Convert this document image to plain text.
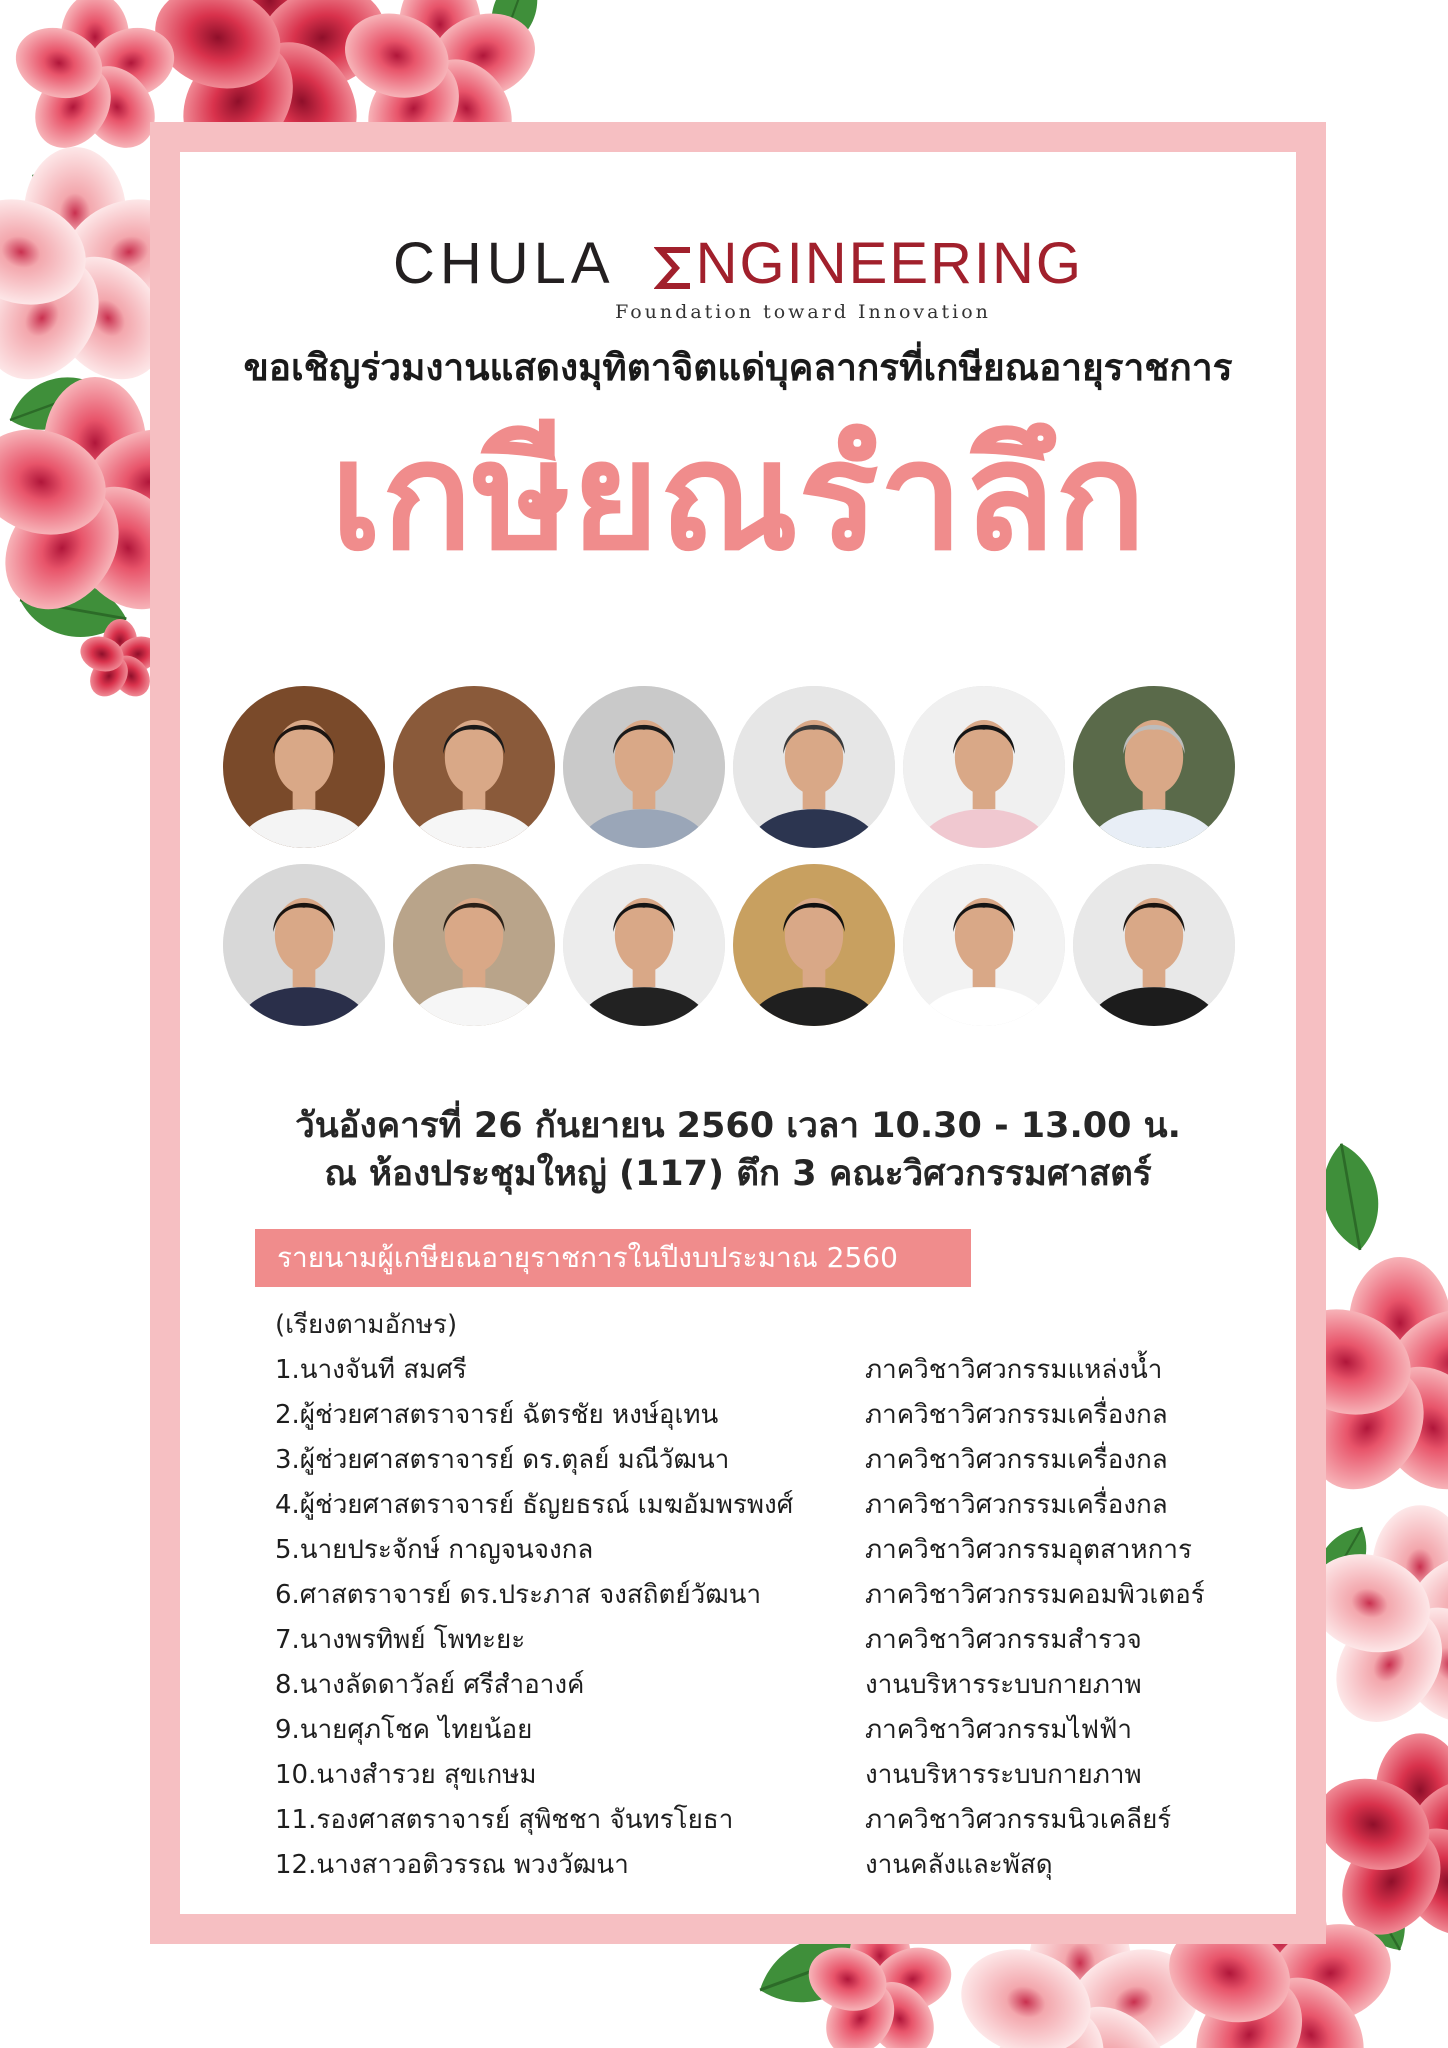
CHULA NGINEERING
Foundation toward Innovation
ขอเชิญร่วมงานแสดงมุทิตาจิตแด่บุคลากรที่เกษียณอายุราชการ
เกษียณรำลึก
วันอังคารที่ 26 กันยายน 2560 เวลา 10.30 - 13.00 น.
ณ ห้องประชุมใหญ่ (117) ตึก 3 คณะวิศวกรรมศาสตร์
รายนามผู้เกษียณอายุราชการในปีงบประมาณ 2560
(เรียงตามอักษร)
1.นางจันที สมศรี	ภาควิชาวิศวกรรมแหล่งน้ำ
2.ผู้ช่วยศาสตราจารย์ ฉัตรชัย หงษ์อุเทน	ภาควิชาวิศวกรรมเครื่องกล
3.ผู้ช่วยศาสตราจารย์ ดร.ตุลย์ มณีวัฒนา	ภาควิชาวิศวกรรมเครื่องกล
4.ผู้ช่วยศาสตราจารย์ ธัญยธรณ์ เมฆอัมพรพงศ์	ภาควิชาวิศวกรรมเครื่องกล
5.นายประจักษ์ กาญจนจงกล	ภาควิชาวิศวกรรมอุตสาหการ
6.ศาสตราจารย์ ดร.ประภาส จงสถิตย์วัฒนา	ภาควิชาวิศวกรรมคอมพิวเตอร์
7.นางพรทิพย์ โพทะยะ	ภาควิชาวิศวกรรมสำรวจ
8.นางลัดดาวัลย์ ศรีสำอางค์	งานบริหารระบบกายภาพ
9.นายศุภโชค ไทยน้อย	ภาควิชาวิศวกรรมไฟฟ้า
10.นางสำรวย สุขเกษม	งานบริหารระบบกายภาพ
11.รองศาสตราจารย์ สุพิชชา จันทรโยธา	ภาควิชาวิศวกรรมนิวเคลียร์
12.นางสาวอติวรรณ พวงวัฒนา	งานคลังและพัสดุ
